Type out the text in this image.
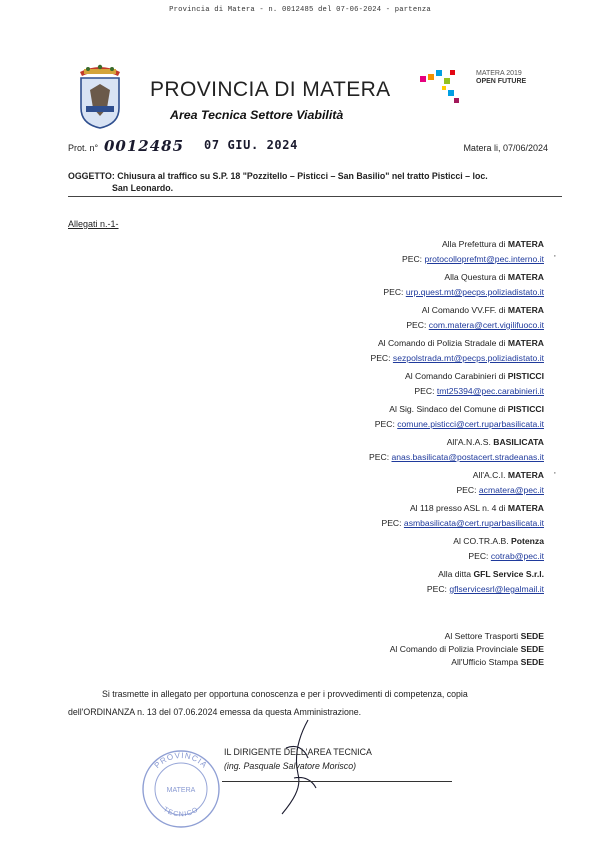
Provincia di Matera - n. 0012485 del 07-06-2024 - partenza
PROVINCIA DI MATERA
Area Tecnica Settore Viabilità
MATERA 2019
OPEN FUTURE
Prot. n° 0012485 07 GIU. 2024	Matera li, 07/06/2024
OGGETTO: Chiusura al traffico su S.P. 18 "Pozzitello – Pisticci – San Basilio" nel tratto Pisticci – loc.
San Leonardo.
Allegati n.-1-
Alla Prefettura di MATERA
PEC: protocolloprefmt@pec.interno.it
Alla Questura di MATERA
PEC: urp.quest.mt@pecps.poliziadistato.it
Al Comando VV.FF. di MATERA
PEC: com.matera@cert.vigilifuoco.it
Al Comando di Polizia Stradale di MATERA
PEC: sezpolstrada.mt@pecps.poliziadistato.it
Al Comando Carabinieri di PISTICCI
PEC: tmt25394@pec.carabinieri.it
Al Sig. Sindaco del Comune di PISTICCI
PEC: comune.pisticci@cert.ruparbasilicata.it
All'A.N.A.S. BASILICATA
PEC: anas.basilicata@postacert.stradeanas.it
All'A.C.I. MATERA
PEC: acmatera@pec.it
Al 118 presso ASL n. 4 di MATERA
PEC: asmbasilicata@cert.ruparbasilicata.it
Al CO.TR.A.B. Potenza
PEC: cotrab@pec.it
Alla ditta GFL Service S.r.l.
PEC: gflservicesrl@legalmail.it
,
,
Al Settore Trasporti SEDE
Al Comando di Polizia Provinciale SEDE
All'Ufficio Stampa SEDE
Si trasmette in allegato per opportuna conoscenza e per i provvedimenti di competenza, copia
dell'ORDINANZA n. 13 del 07.06.2024 emessa da questa Amministrazione.
PROVINCIA
TECNICO
MATERA
IL DIRIGENTE DELL'AREA TECNICA
(ing. Pasquale Salvatore Morisco)
